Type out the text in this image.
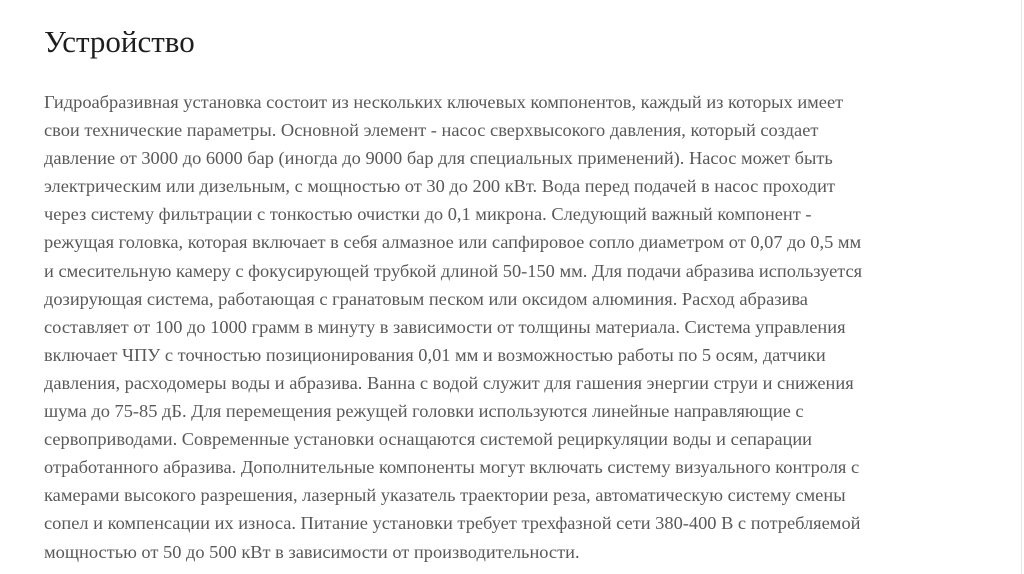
Устройство

Гидроабразивная установка состоит из нескольких ключевых компонентов, каждый из которых имеет
свои технические параметры. Основной элемент - насос сверхвысокого давления, который создает
давление от 3000 до 6000 бар (иногда до 9000 бар для специальных применений). Насос может быть
электрическим или дизельным, с мощностью от 30 до 200 кВт. Вода перед подачей в насос проходит
через систему фильтрации с тонкостью очистки до 0,1 микрона. Следующий важный компонент -
режущая головка, которая включает в себя алмазное или сапфировое сопло диаметром от 0,07 до 0,5 мм
и смесительную камеру с фокусирующей трубкой длиной 50-150 мм. Для подачи абразива используется
дозирующая система, работающая с гранатовым песком или оксидом алюминия. Расход абразива
составляет от 100 до 1000 грамм в минуту в зависимости от толщины материала. Система управления
включает ЧПУ с точностью позиционирования 0,01 мм и возможностью работы по 5 осям, датчики
давления, расходомеры воды и абразива. Ванна с водой служит для гашения энергии струи и снижения
шума до 75-85 дБ. Для перемещения режущей головки используются линейные направляющие с
сервоприводами. Современные установки оснащаются системой рециркуляции воды и сепарации
отработанного абразива. Дополнительные компоненты могут включать систему визуального контроля с
камерами высокого разрешения, лазерный указатель траектории реза, автоматическую систему смены
сопел и компенсации их износа. Питание установки требует трехфазной сети 380-400 В с потребляемой
мощностью от 50 до 500 кВт в зависимости от производительности.
